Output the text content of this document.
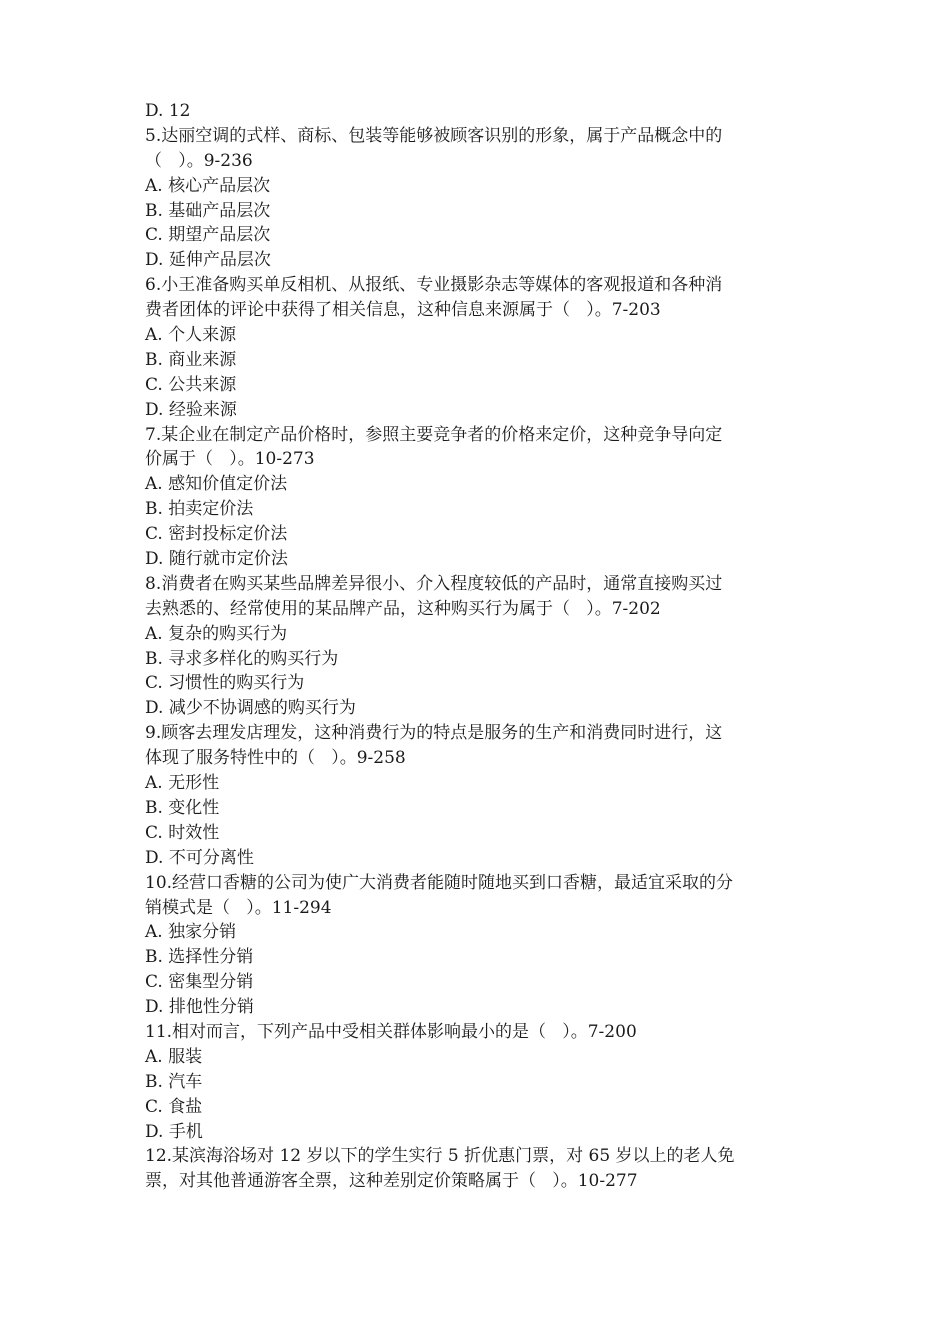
D. 12
5.达丽空调的式样、商标、包装等能够被顾客识别的形象，属于产品概念中的
（   ）。9-236
A. 核心产品层次
B. 基础产品层次
C. 期望产品层次
D. 延伸产品层次
6.小王准备购买单反相机、从报纸、专业摄影杂志等媒体的客观报道和各种消
费者团体的评论中获得了相关信息，这种信息来源属于（   ）。7-203
A. 个人来源
B. 商业来源
C. 公共来源
D. 经验来源
7.某企业在制定产品价格时，参照主要竞争者的价格来定价，这种竞争导向定
价属于（   ）。10-273
A. 感知价值定价法
B. 拍卖定价法
C. 密封投标定价法
D. 随行就市定价法
8.消费者在购买某些品牌差异很小、介入程度较低的产品时，通常直接购买过
去熟悉的、经常使用的某品牌产品，这种购买行为属于（   ）。7-202
A. 复杂的购买行为
B. 寻求多样化的购买行为
C. 习惯性的购买行为
D. 减少不协调感的购买行为
9.顾客去理发店理发，这种消费行为的特点是服务的生产和消费同时进行，这
体现了服务特性中的（   ）。9-258
A. 无形性
B. 变化性
C. 时效性
D. 不可分离性
10.经营口香糖的公司为使广大消费者能随时随地买到口香糖，最适宜采取的分
销模式是（   ）。11-294
A. 独家分销
B. 选择性分销
C. 密集型分销
D. 排他性分销
11.相对而言，下列产品中受相关群体影响最小的是（   ）。7-200
A. 服装
B. 汽车
C. 食盐
D. 手机
12.某滨海浴场对 12 岁以下的学生实行 5 折优惠门票，对 65 岁以上的老人免
票，对其他普通游客全票，这种差别定价策略属于（   ）。10-277
